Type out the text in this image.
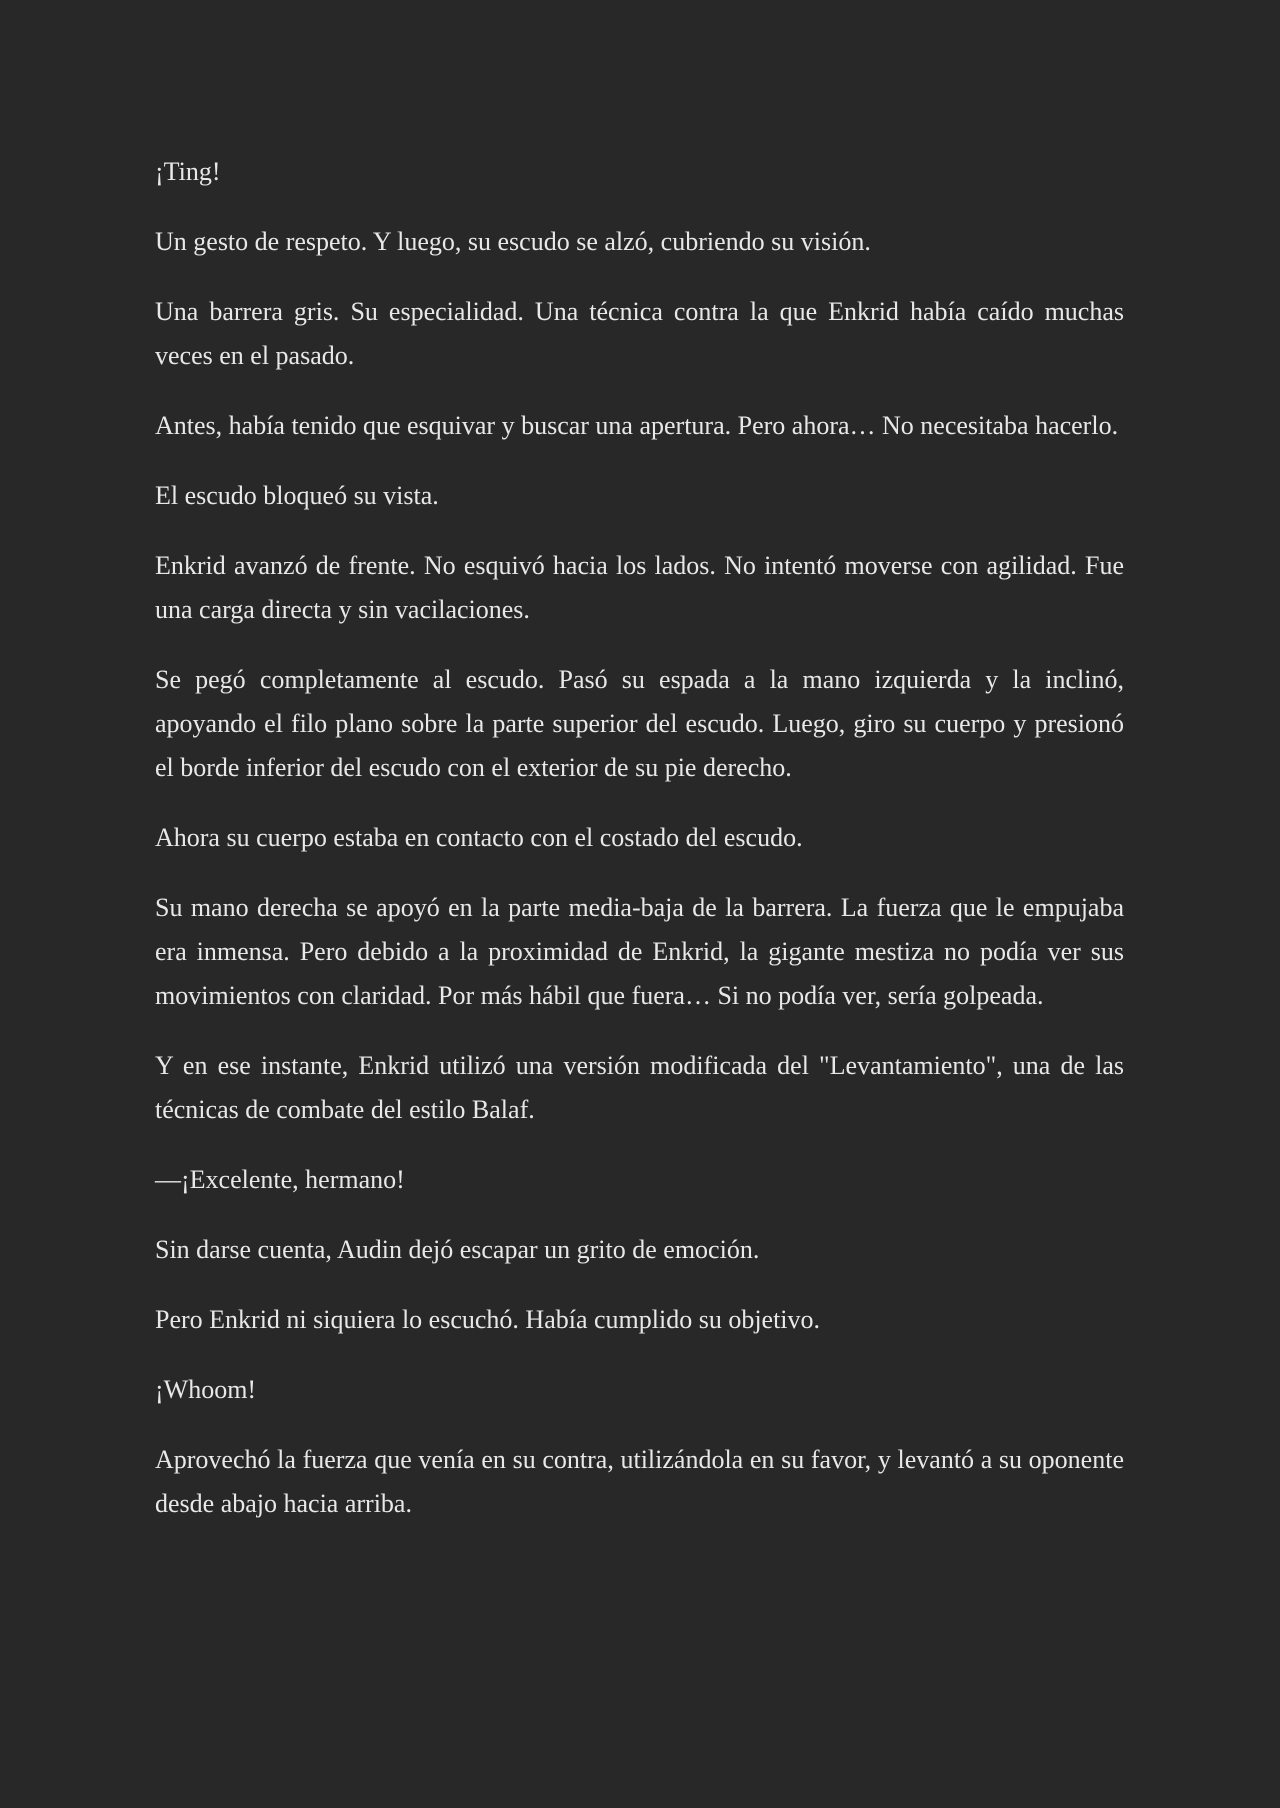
¡Ting!

Un gesto de respeto. Y luego, su escudo se alzó, cubriendo su visión.

Una barrera gris. Su especialidad. Una técnica contra la que Enkrid había caído muchas veces en el pasado.

Antes, había tenido que esquivar y buscar una apertura. Pero ahora… No necesitaba hacerlo.

El escudo bloqueó su vista.

Enkrid avanzó de frente. No esquivó hacia los lados. No intentó moverse con agilidad. Fue una carga directa y sin vacilaciones.

Se pegó completamente al escudo. Pasó su espada a la mano izquierda y la inclinó, apoyando el filo plano sobre la parte superior del escudo. Luego, giro su cuerpo y presionó el borde inferior del escudo con el exterior de su pie derecho.

Ahora su cuerpo estaba en contacto con el costado del escudo.

Su mano derecha se apoyó en la parte media-baja de la barrera. La fuerza que le empujaba era inmensa. Pero debido a la proximidad de Enkrid, la gigante mestiza no podía ver sus movimientos con claridad. Por más hábil que fuera… Si no podía ver, sería golpeada.

Y en ese instante, Enkrid utilizó una versión modificada del "Levantamiento", una de las técnicas de combate del estilo Balaf.

—¡Excelente, hermano!

Sin darse cuenta, Audin dejó escapar un grito de emoción.

Pero Enkrid ni siquiera lo escuchó. Había cumplido su objetivo.

¡Whoom!

Aprovechó la fuerza que venía en su contra, utilizándola en su favor, y levantó a su oponente desde abajo hacia arriba.
